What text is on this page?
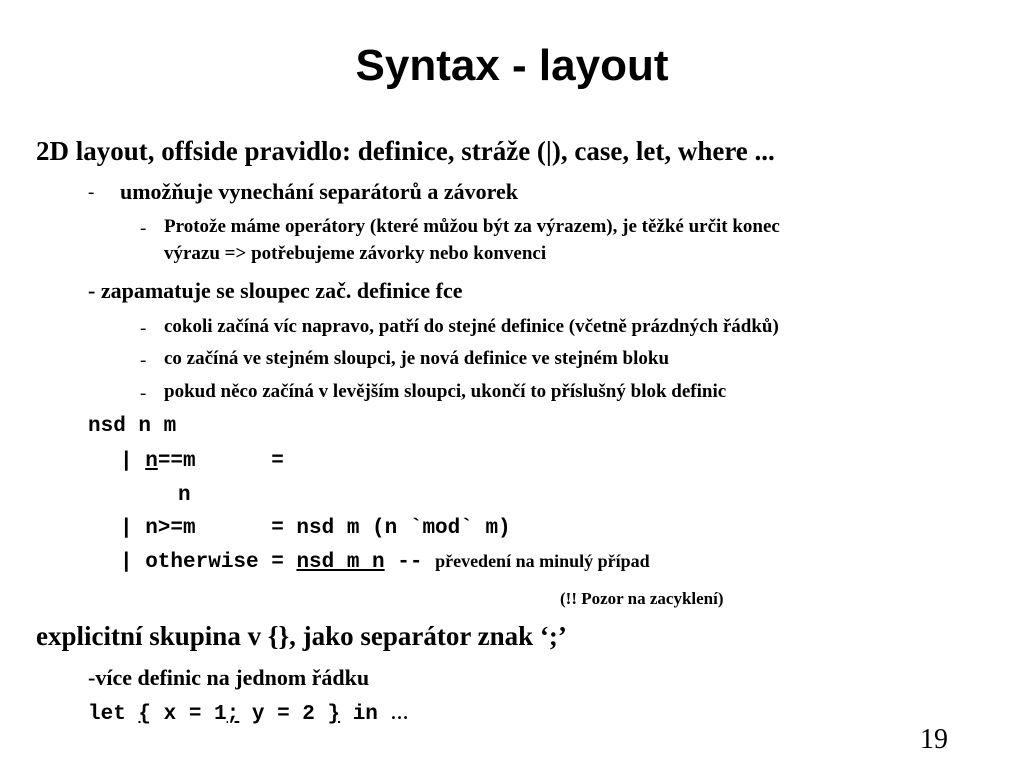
Syntax - layout
2D layout, offside pravidlo: definice, stráže (|), case, let, where ...
- umožňuje vynechání separátorů a závorek
- Protože máme operátory (které můžou být za výrazem), je těžké určit konec
výrazu => potřebujeme závorky nebo konvenci
- zapamatuje se sloupec zač. definice fce
- cokoli začíná víc napravo, patří do stejné definice (včetně prázdných řádků)
- co začíná ve stejném sloupci, je nová definice ve stejném bloku
- pokud něco začíná v levějším sloupci, ukončí to příslušný blok definic
nsd n m
| n==m      =
n
| n>=m      = nsd m (n `mod` m)
| otherwise = nsd m n -- převedení na minulý případ
(!! Pozor na zacyklení)
explicitní skupina v {}, jako separátor znak ‘;’
-více definic na jednom řádku
let { x = 1; y = 2 } in …
19
